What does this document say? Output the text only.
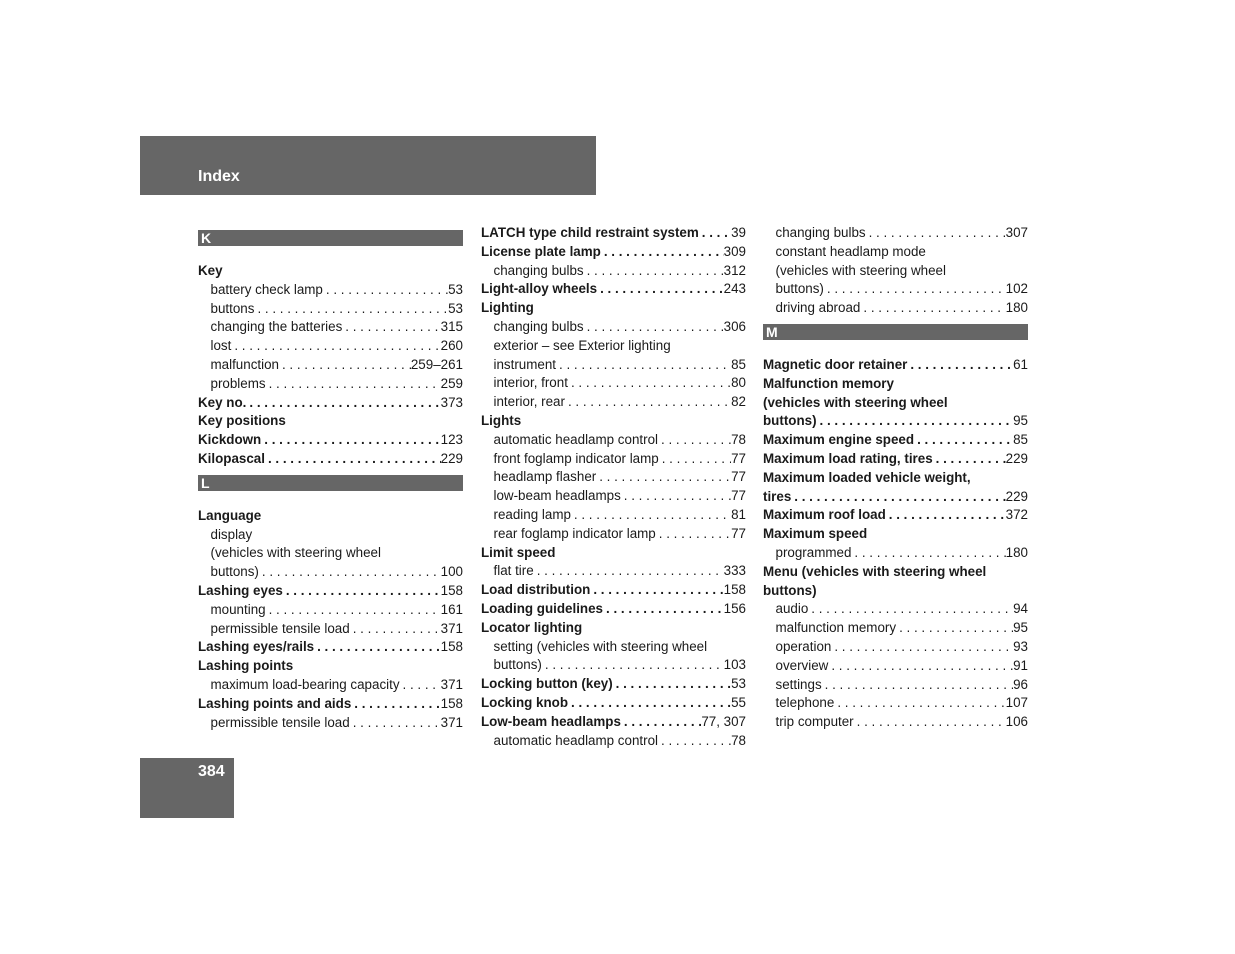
Index
K
Key
battery check lamp . . .	53
buttons . . .	53
changing the batteries . . .	315
lost . . .	260
malfunction . . .	259–261
problems . . .	259
Key no. . . .	373
Key positions
Kickdown . . .	123
Kilopascal . . .	229
L
Language
display
(vehicles with steering wheel
buttons) . . .	100
Lashing eyes . . .	158
mounting . . .	161
permissible tensile load . . .	371
Lashing eyes/rails . . .	158
Lashing points
maximum load-bearing capacity . . .	371
Lashing points and aids . . .	158
permissible tensile load . . .	371
LATCH type child restraint system . . . 39
License plate lamp . . .	309
changing bulbs . . .	312
Light-alloy wheels . . .	243
Lighting
changing bulbs . . .	306
exterior – see Exterior lighting
instrument . . .	85
interior, front . . .	80
interior, rear . . .	82
Lights
automatic headlamp control . . .	78
front foglamp indicator lamp . . .	77
headlamp flasher . . .	77
low-beam headlamps . . .	77
reading lamp . . .	81
rear foglamp indicator lamp . . .	77
Limit speed
flat tire . . .	333
Load distribution . . .	158
Loading guidelines . . .	156
Locator lighting
setting (vehicles with steering wheel
buttons) . . .	103
Locking button (key) . . .	53
Locking knob . . .	55
Low-beam headlamps . . .	77, 307
automatic headlamp control . . .	78
changing bulbs . . .	307
constant headlamp mode
(vehicles with steering wheel
buttons) . . .	102
driving abroad . . .	180
M
Magnetic door retainer . . .	61
Malfunction memory
(vehicles with steering wheel
buttons) . . .	95
Maximum engine speed . . .	85
Maximum load rating, tires . . .	229
Maximum loaded vehicle weight,
tires . . .	229
Maximum roof load . . .	372
Maximum speed
programmed . . .	180
Menu (vehicles with steering wheel
buttons)
audio . . .	94
malfunction memory . . .	95
operation . . .	93
overview . . .	91
settings . . .	96
telephone . . .	107
trip computer . . .	106
384
